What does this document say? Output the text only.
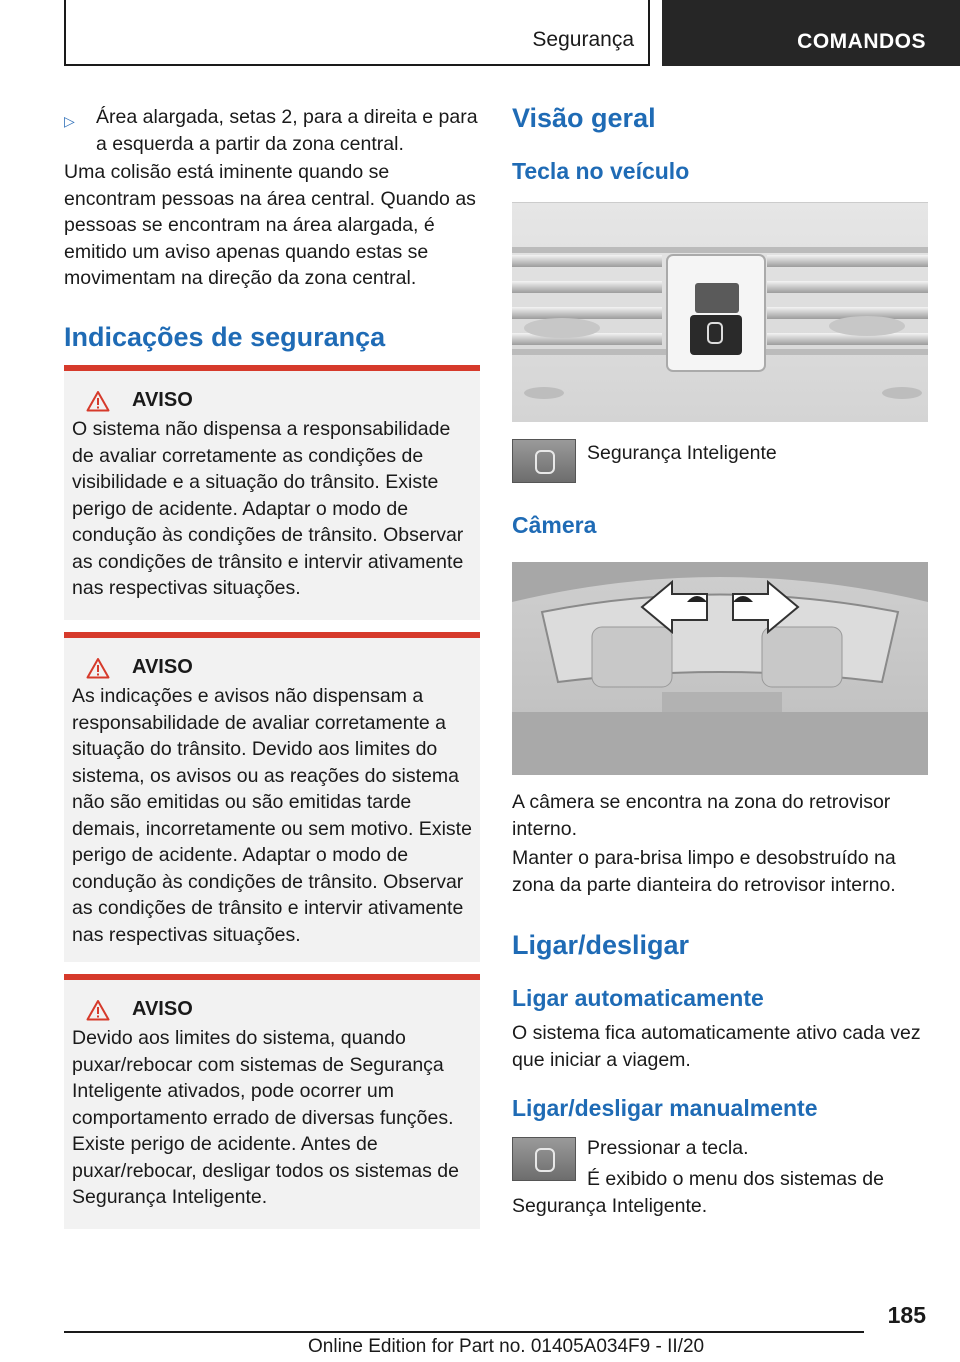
Segurança	COMANDOS
▷	Área alargada, setas 2, para a direita e para a esquerda a partir da zona central.
Uma colisão está iminente quando se encontram pessoas na área central. Quando as pessoas se encontram na área alargada, é emitido um aviso apenas quando estas se movimentam na direção da zona central.
Indicações de segurança
AVISO
O sistema não dispensa a responsabilidade de avaliar corretamente as condições de visibilidade e a situação do trânsito. Existe perigo de acidente. Adaptar o modo de condução às condições de trânsito. Observar as condições de trânsito e intervir ativamente nas respectivas situações.
AVISO
As indicações e avisos não dispensam a responsabilidade de avaliar corretamente a situação do trânsito. Devido aos limites do sistema, os avisos ou as reações do sistema não são emitidas ou são emitidas tarde demais, incorretamente ou sem motivo. Existe perigo de acidente. Adaptar o modo de condução às condições de trânsito. Observar as condições de trânsito e intervir ativamente nas respectivas situações.
AVISO
Devido aos limites do sistema, quando puxar/rebocar com sistemas de Segurança Inteligente ativados, pode ocorrer um comportamento errado de diversas funções. Existe perigo de acidente. Antes de puxar/rebocar, desligar todos os sistemas de Segurança Inteligente.
Visão geral
Tecla no veículo
Segurança Inteligente
Câmera
A câmera se encontra na zona do retrovisor interno.
Manter o para-brisa limpo e desobstruído na zona da parte dianteira do retrovisor interno.
Ligar/desligar
Ligar automaticamente
O sistema fica automaticamente ativo cada vez que iniciar a viagem.
Ligar/desligar manualmente
Pressionar a tecla.
É exibido o menu dos sistemas de Segurança Inteligente.
185
Online Edition for Part no. 01405A034F9 - II/20
